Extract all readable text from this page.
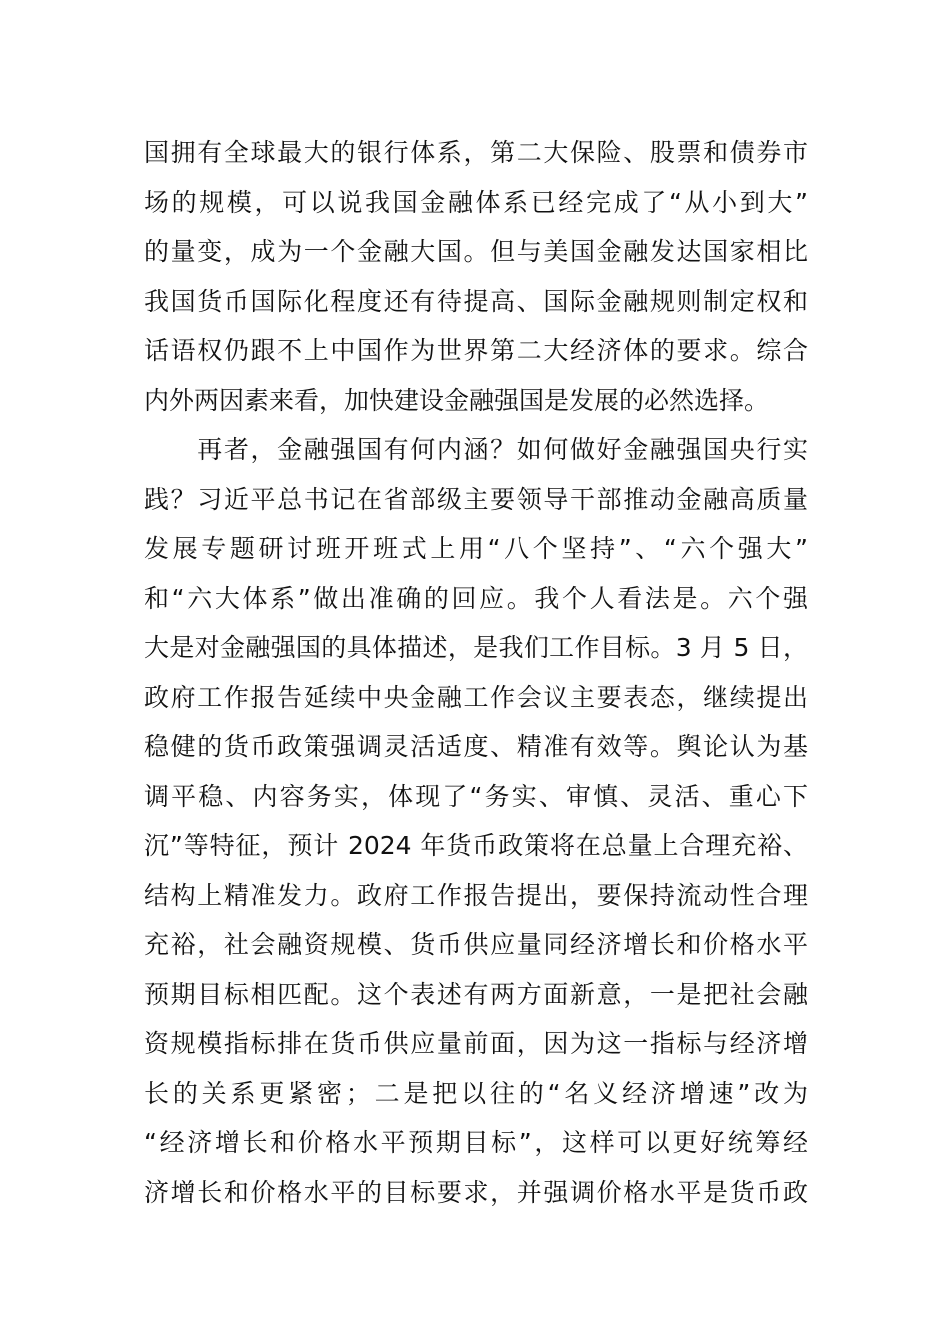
国拥有全球最大的银行体系，第二大保险、股票和债券市
场的规模，可以说我国金融体系已经完成了“从小到大”
的量变，成为一个金融大国。但与美国金融发达国家相比
我国货币国际化程度还有待提高、国际金融规则制定权和
话语权仍跟不上中国作为世界第二大经济体的要求。综合
内外两因素来看，加快建设金融强国是发展的必然选择。
　　再者，金融强国有何内涵？如何做好金融强国央行实
践？习近平总书记在省部级主要领导干部推动金融高质量
发展专题研讨班开班式上用“八个坚持”、“六个强大”
和“六大体系”做出准确的回应。我个人看法是。六个强
大是对金融强国的具体描述，是我们工作目标。3 月 5 日，
政府工作报告延续中央金融工作会议主要表态，继续提出
稳健的货币政策强调灵活适度、精准有效等。舆论认为基
调平稳、内容务实，体现了“务实、审慎、灵活、重心下
沉”等特征，预计 2024 年货币政策将在总量上合理充裕、
结构上精准发力。政府工作报告提出，要保持流动性合理
充裕，社会融资规模、货币供应量同经济增长和价格水平
预期目标相匹配。这个表述有两方面新意，一是把社会融
资规模指标排在货币供应量前面，因为这一指标与经济增
长的关系更紧密；二是把以往的“名义经济增速”改为
“经济增长和价格水平预期目标”，这样可以更好统筹经
济增长和价格水平的目标要求，并强调价格水平是货币政
